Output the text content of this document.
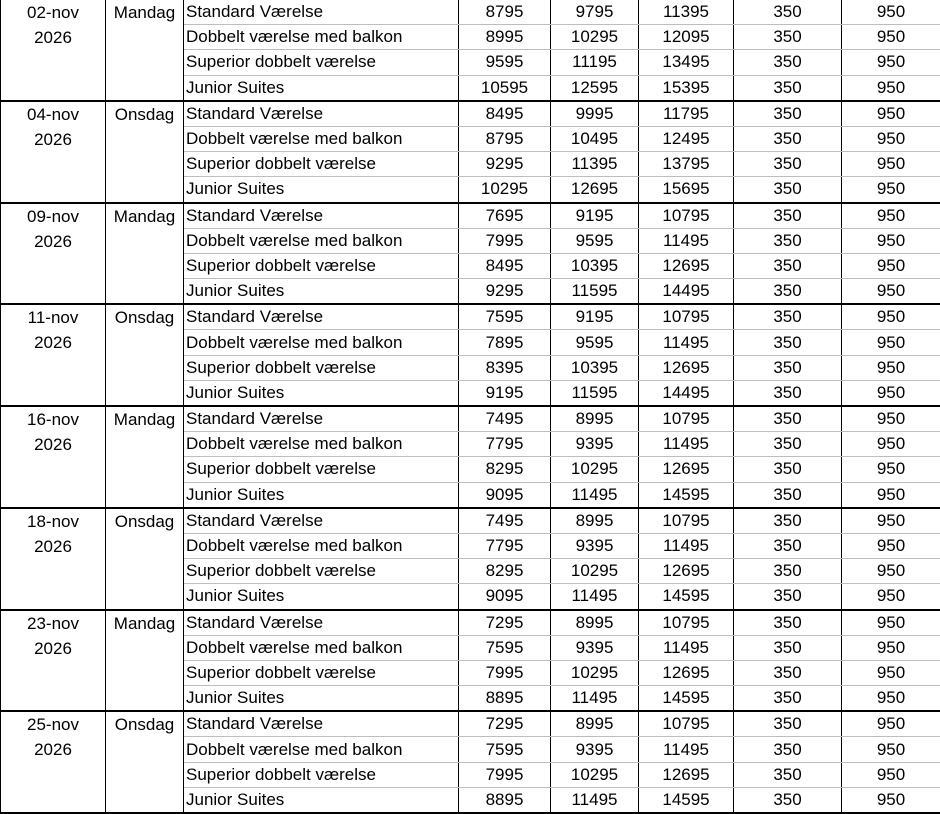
02-nov
2026	Mandag	Standard Værelse	8795	9795	11395	350	950
		Dobbelt værelse med balkon	8995	10295	12095	350	950
		Superior dobbelt værelse	9595	11195	13495	350	950
		Junior Suites	10595	12595	15395	350	950

04-nov
2026	Onsdag	Standard Værelse	8495	9995	11795	350	950
		Dobbelt værelse med balkon	8795	10495	12495	350	950
		Superior dobbelt værelse	9295	11395	13795	350	950
		Junior Suites	10295	12695	15695	350	950

09-nov
2026	Mandag	Standard Værelse	7695	9195	10795	350	950
		Dobbelt værelse med balkon	7995	9595	11495	350	950
		Superior dobbelt værelse	8495	10395	12695	350	950
		Junior Suites	9295	11595	14495	350	950

11-nov
2026	Onsdag	Standard Værelse	7595	9195	10795	350	950
		Dobbelt værelse med balkon	7895	9595	11495	350	950
		Superior dobbelt værelse	8395	10395	12695	350	950
		Junior Suites	9195	11595	14495	350	950

16-nov
2026	Mandag	Standard Værelse	7495	8995	10795	350	950
		Dobbelt værelse med balkon	7795	9395	11495	350	950
		Superior dobbelt værelse	8295	10295	12695	350	950
		Junior Suites	9095	11495	14595	350	950

18-nov
2026	Onsdag	Standard Værelse	7495	8995	10795	350	950
		Dobbelt værelse med balkon	7795	9395	11495	350	950
		Superior dobbelt værelse	8295	10295	12695	350	950
		Junior Suites	9095	11495	14595	350	950

23-nov
2026	Mandag	Standard Værelse	7295	8995	10795	350	950
		Dobbelt værelse med balkon	7595	9395	11495	350	950
		Superior dobbelt værelse	7995	10295	12695	350	950
		Junior Suites	8895	11495	14595	350	950

25-nov
2026	Onsdag	Standard Værelse	7295	8995	10795	350	950
		Dobbelt værelse med balkon	7595	9395	11495	350	950
		Superior dobbelt værelse	7995	10295	12695	350	950
		Junior Suites	8895	11495	14595	350	950
